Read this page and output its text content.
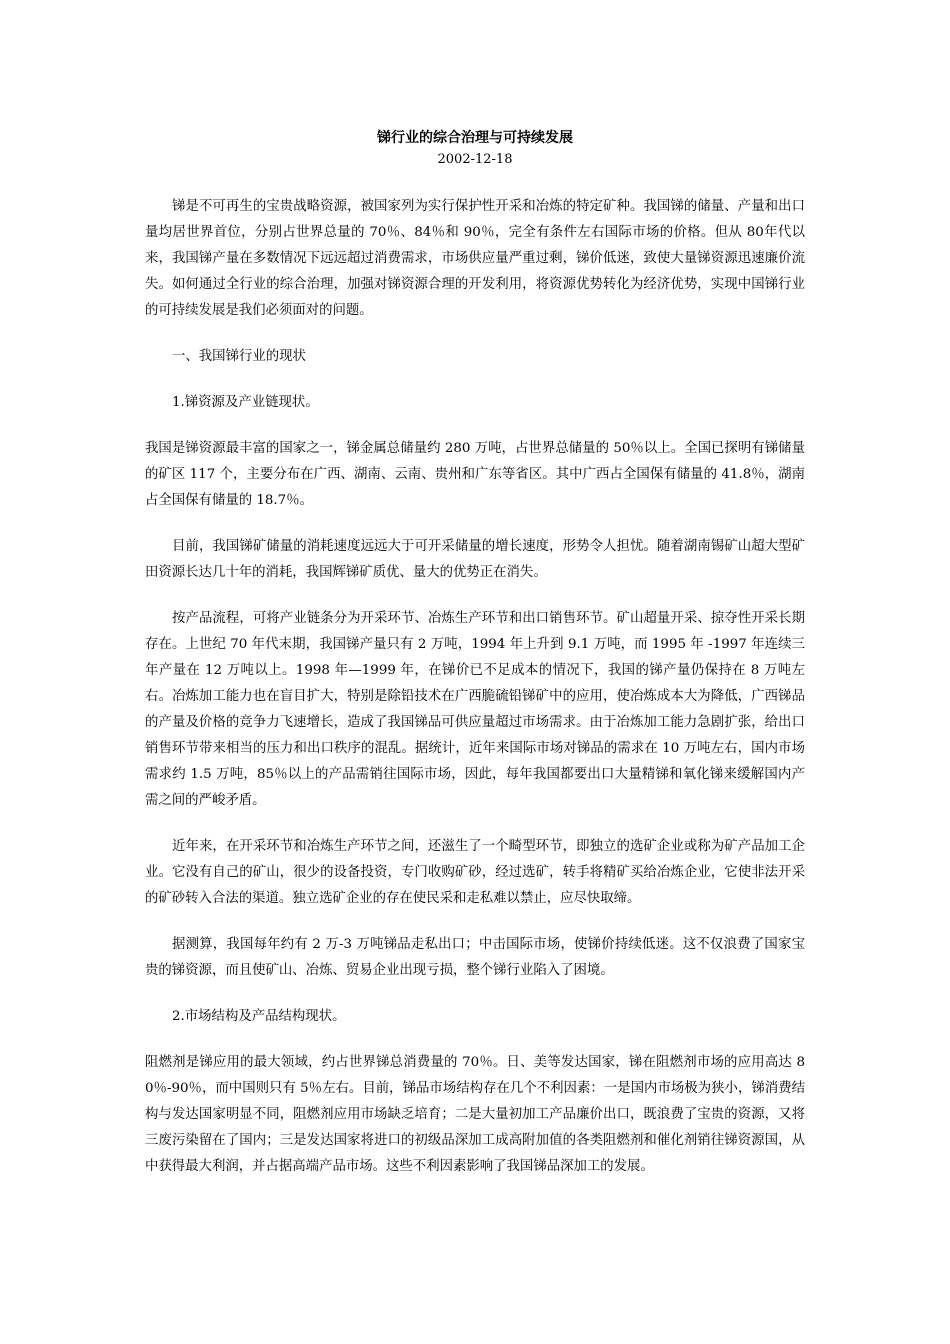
锑行业的综合治理与可持续发展
2002-12-18

锑是不可再生的宝贵战略资源，被国家列为实行保护性开采和冶炼的特定矿种。我国锑的储量、产量和出口量均居世界首位，分别占世界总量的 70％、84％和 90％，完全有条件左右国际市场的价格。但从 80年代以来，我国锑产量在多数情况下远远超过消费需求，市场供应量严重过剩，锑价低迷，致使大量锑资源迅速廉价流失。如何通过全行业的综合治理，加强对锑资源合理的开发利用，将资源优势转化为经济优势，实现中国锑行业的可持续发展是我们必须面对的问题。

一、我国锑行业的现状

1.锑资源及产业链现状。

我国是锑资源最丰富的国家之一，锑金属总储量约 280 万吨，占世界总储量的 50％以上。全国已探明有锑储量的矿区 117 个，主要分布在广西、湖南、云南、贵州和广东等省区。其中广西占全国保有储量的 41.8％，湖南占全国保有储量的 18.7％。

目前，我国锑矿储量的消耗速度远远大于可开采储量的增长速度，形势令人担忧。随着湖南锡矿山超大型矿田资源长达几十年的消耗，我国辉锑矿质优、量大的优势正在消失。

按产品流程，可将产业链条分为开采环节、冶炼生产环节和出口销售环节。矿山超量开采、掠夺性开采长期存在。上世纪 70 年代末期，我国锑产量只有 2 万吨，1994 年上升到 9.1 万吨，而 1995 年 -1997 年连续三年产量在 12 万吨以上。1998 年—1999 年，在锑价已不足成本的情况下，我国的锑产量仍保持在 8 万吨左右。冶炼加工能力也在盲目扩大，特别是除铅技术在广西脆硫铅锑矿中的应用，使冶炼成本大为降低，广西锑品的产量及价格的竞争力飞速增长，造成了我国锑品可供应量超过市场需求。由于冶炼加工能力急剧扩张，给出口销售环节带来相当的压力和出口秩序的混乱。据统计，近年来国际市场对锑品的需求在 10 万吨左右，国内市场需求约 1.5 万吨，85％以上的产品需销往国际市场，因此，每年我国都要出口大量精锑和氧化锑来缓解国内产需之间的严峻矛盾。

近年来，在开采环节和冶炼生产环节之间，还滋生了一个畸型环节，即独立的选矿企业或称为矿产品加工企业。它没有自己的矿山，很少的设备投资，专门收购矿砂，经过选矿，转手将精矿买给冶炼企业，它使非法开采的矿砂转入合法的渠道。独立选矿企业的存在使民采和走私难以禁止，应尽快取缔。

据测算，我国每年约有 2 万-3 万吨锑品走私出口；中击国际市场，使锑价持续低迷。这不仅浪费了国家宝贵的锑资源，而且使矿山、冶炼、贸易企业出现亏损，整个锑行业陷入了困境。

2.市场结构及产品结构现状。

阻燃剂是锑应用的最大领域，约占世界锑总消费量的 70％。日、美等发达国家，锑在阻燃剂市场的应用高达 80％-90％，而中国则只有 5％左右。目前，锑品市场结构存在几个不利因素：一是国内市场极为狭小，锑消费结构与发达国家明显不同，阻燃剂应用市场缺乏培育；二是大量初加工产品廉价出口，既浪费了宝贵的资源，又将三废污染留在了国内；三是发达国家将进口的初级品深加工成高附加值的各类阻燃剂和催化剂销往锑资源国，从中获得最大利润，并占据高端产品市场。这些不利因素影响了我国锑品深加工的发展。
